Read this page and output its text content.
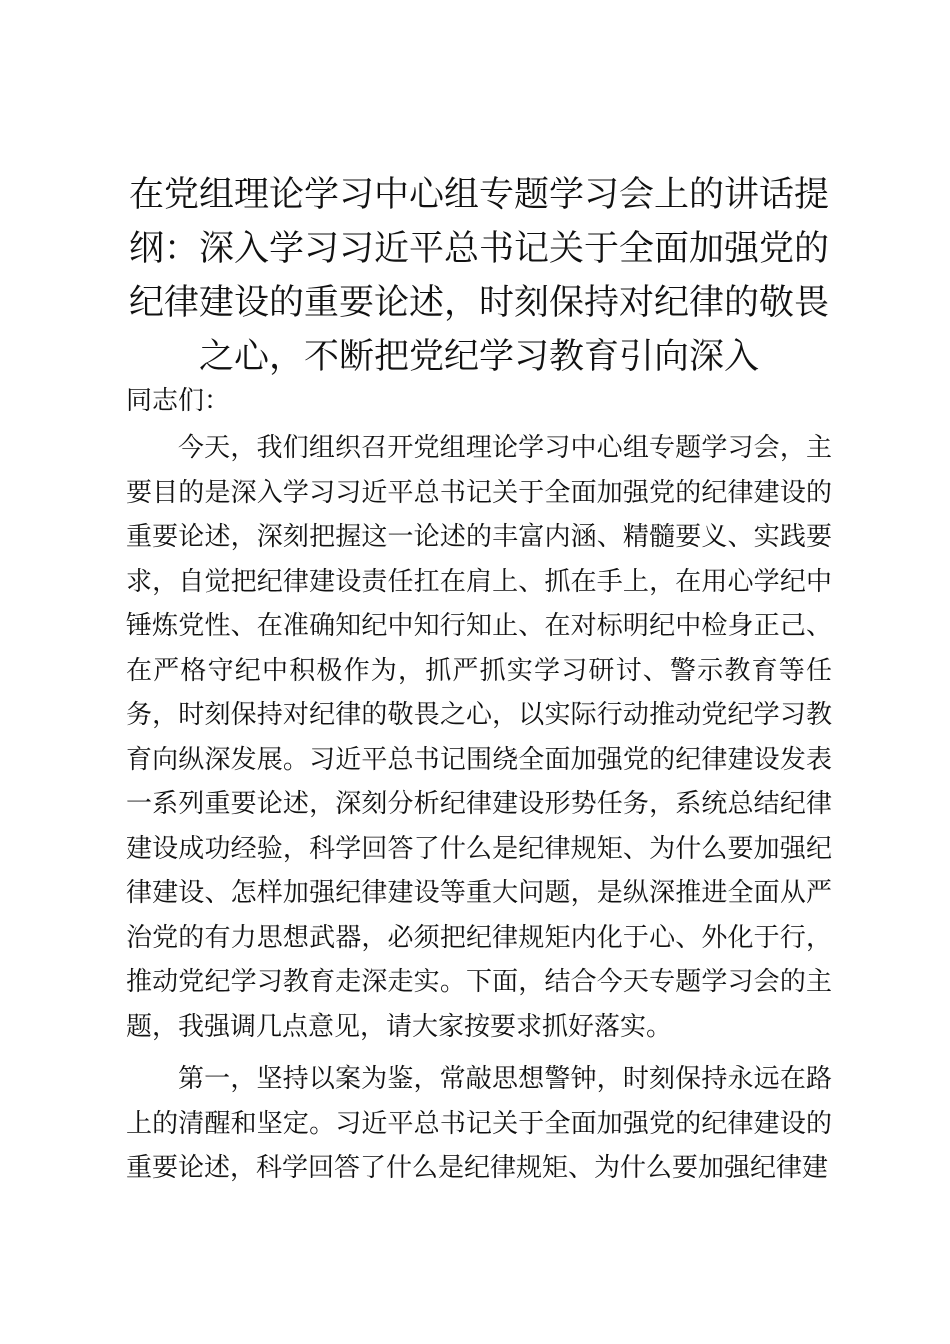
在党组理论学习中心组专题学习会上的讲话提纲：深入学习习近平总书记关于全面加强党的纪律建设的重要论述，时刻保持对纪律的敬畏之心，不断把党纪学习教育引向深入

同志们：

今天，我们组织召开党组理论学习中心组专题学习会，主要目的是深入学习习近平总书记关于全面加强党的纪律建设的重要论述，深刻把握这一论述的丰富内涵、精髓要义、实践要求，自觉把纪律建设责任扛在肩上、抓在手上，在用心学纪中锤炼党性、在准确知纪中知行知止、在对标明纪中检身正己、在严格守纪中积极作为，抓严抓实学习研讨、警示教育等任务，时刻保持对纪律的敬畏之心，以实际行动推动党纪学习教育向纵深发展。习近平总书记围绕全面加强党的纪律建设发表一系列重要论述，深刻分析纪律建设形势任务，系统总结纪律建设成功经验，科学回答了什么是纪律规矩、为什么要加强纪律建设、怎样加强纪律建设等重大问题，是纵深推进全面从严治党的有力思想武器，必须把纪律规矩内化于心、外化于行，推动党纪学习教育走深走实。下面，结合今天专题学习会的主题，我强调几点意见，请大家按要求抓好落实。

第一，坚持以案为鉴，常敲思想警钟，时刻保持永远在路上的清醒和坚定。习近平总书记关于全面加强党的纪律建设的重要论述，科学回答了什么是纪律规矩、为什么要加强纪律建
